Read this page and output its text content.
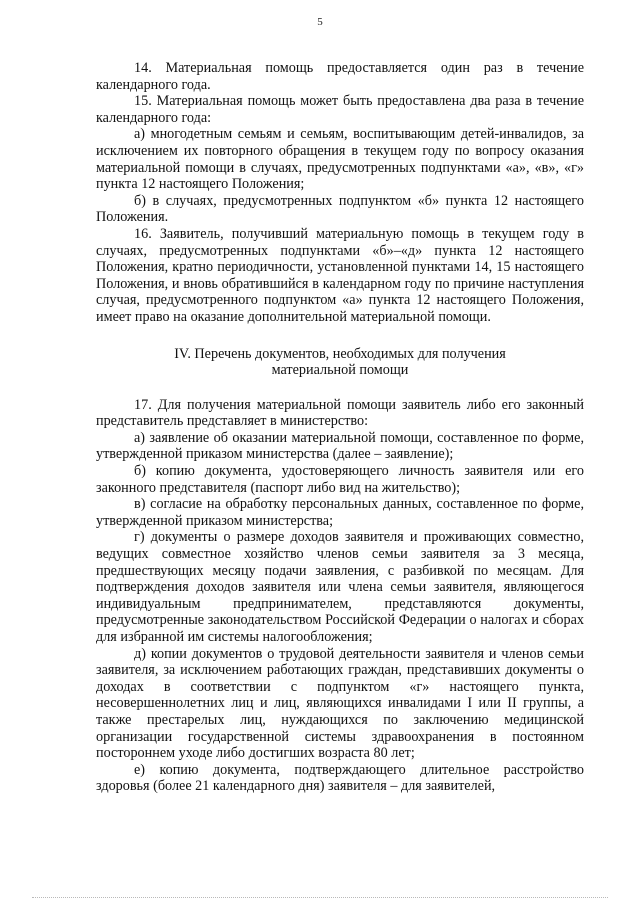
5

14. Материальная помощь предоставляется один раз в течение календарного года.

15. Материальная помощь может быть предоставлена два раза в течение календарного года:

а) многодетным семьям и семьям, воспитывающим детей-инвалидов, за исключением их повторного обращения в текущем году по вопросу оказания материальной помощи в случаях, предусмотренных подпунктами «а», «в», «г» пункта 12 настоящего Положения;

б) в случаях, предусмотренных подпунктом «б» пункта 12 настоящего Положения.

16. Заявитель, получивший материальную помощь в текущем году в случаях, предусмотренных подпунктами «б»–«д» пункта 12 настоящего Положения, кратно периодичности, установленной пунктами 14, 15 настоящего Положения, и вновь обратившийся в календарном году по причине наступления случая, предусмотренного подпунктом «а» пункта 12 настоящего Положения, имеет право на оказание дополнительной материальной помощи.

IV. Перечень документов, необходимых для получения
материальной помощи

17. Для получения материальной помощи заявитель либо его законный представитель представляет в министерство:

а) заявление об оказании материальной помощи, составленное по форме, утвержденной приказом министерства (далее – заявление);

б) копию документа, удостоверяющего личность заявителя или его законного представителя (паспорт либо вид на жительство);

в) согласие на обработку персональных данных, составленное по форме, утвержденной приказом министерства;

г) документы о размере доходов заявителя и проживающих совместно, ведущих совместное хозяйство членов семьи заявителя за 3 месяца, предшествующих месяцу подачи заявления, с разбивкой по месяцам. Для подтверждения доходов заявителя или члена семьи заявителя, являющегося индивидуальным предпринимателем, представляются документы, предусмотренные законодательством Российской Федерации о налогах и сборах для избранной им системы налогообложения;

д) копии документов о трудовой деятельности заявителя и членов семьи заявителя, за исключением работающих граждан, представивших документы о доходах в соответствии с подпунктом «г» настоящего пункта, несовершеннолетних лиц и лиц, являющихся инвалидами I или II группы, а также престарелых лиц, нуждающихся по заключению медицинской организации государственной системы здравоохранения в постоянном постороннем уходе либо достигших возраста 80 лет;

е) копию документа, подтверждающего длительное расстройство здоровья (более 21 календарного дня) заявителя – для заявителей,
